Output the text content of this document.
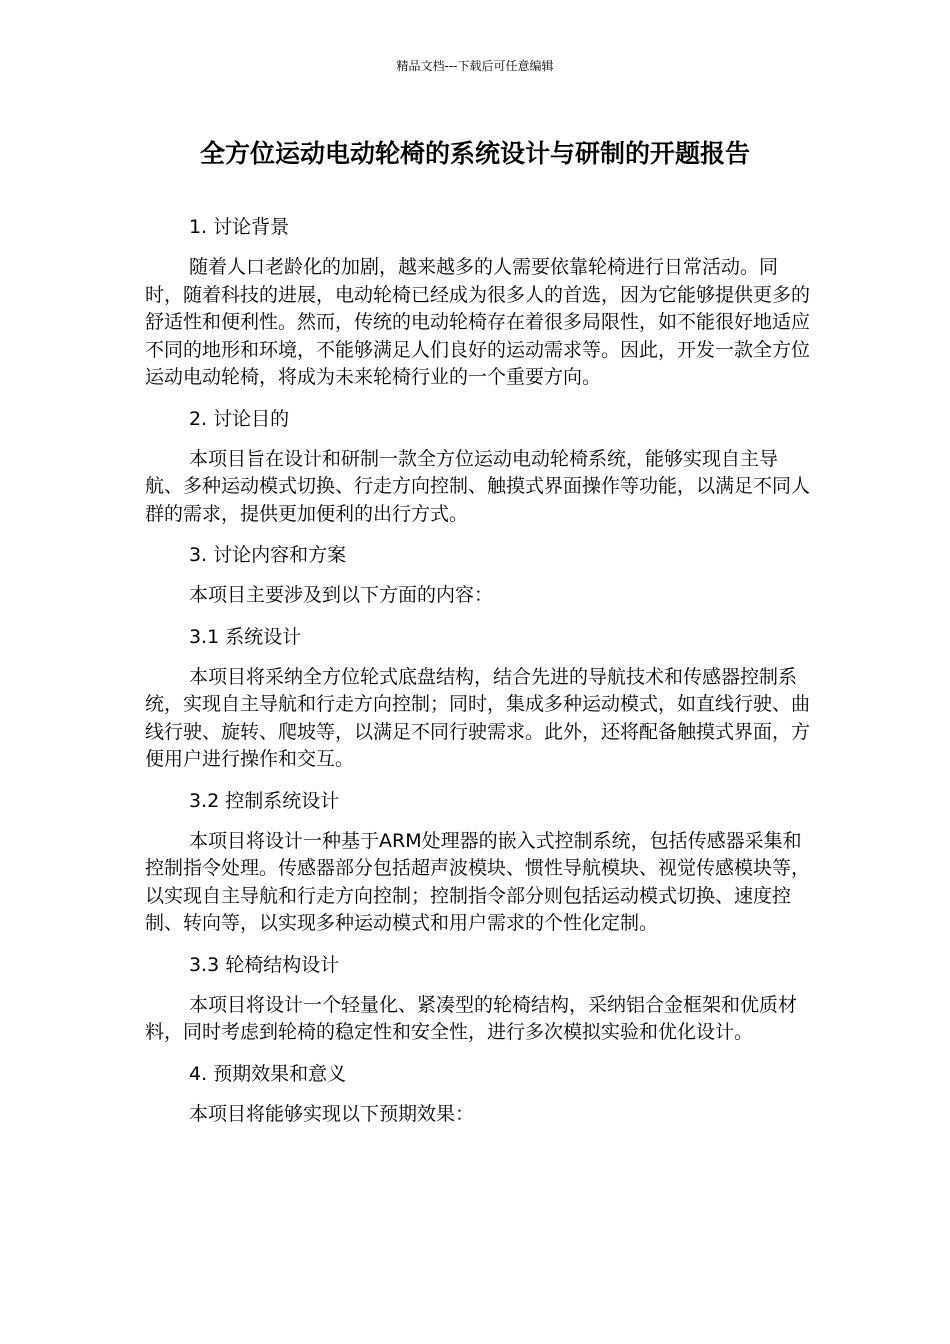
精品文档---下载后可任意编辑
全方位运动电动轮椅的系统设计与研制的开题报告
1. 讨论背景

随着人口老龄化的加剧，越来越多的人需要依靠轮椅进行日常活动。同时，随着科技的进展，电动轮椅已经成为很多人的首选，因为它能够提供更多的舒适性和便利性。然而，传统的电动轮椅存在着很多局限性，如不能很好地适应不同的地形和环境，不能够满足人们良好的运动需求等。因此，开发一款全方位运动电动轮椅，将成为未来轮椅行业的一个重要方向。

2. 讨论目的

本项目旨在设计和研制一款全方位运动电动轮椅系统，能够实现自主导航、多种运动模式切换、行走方向控制、触摸式界面操作等功能，以满足不同人群的需求，提供更加便利的出行方式。

3. 讨论内容和方案

本项目主要涉及到以下方面的内容：

3.1 系统设计

本项目将采纳全方位轮式底盘结构，结合先进的导航技术和传感器控制系统，实现自主导航和行走方向控制；同时，集成多种运动模式，如直线行驶、曲线行驶、旋转、爬坡等，以满足不同行驶需求。此外，还将配备触摸式界面，方便用户进行操作和交互。

3.2 控制系统设计

本项目将设计一种基于ARM处理器的嵌入式控制系统，包括传感器采集和控制指令处理。传感器部分包括超声波模块、惯性导航模块、视觉传感模块等，以实现自主导航和行走方向控制；控制指令部分则包括运动模式切换、速度控制、转向等，以实现多种运动模式和用户需求的个性化定制。

3.3 轮椅结构设计

本项目将设计一个轻量化、紧凑型的轮椅结构，采纳铝合金框架和优质材料，同时考虑到轮椅的稳定性和安全性，进行多次模拟实验和优化设计。

4. 预期效果和意义

本项目将能够实现以下预期效果：
